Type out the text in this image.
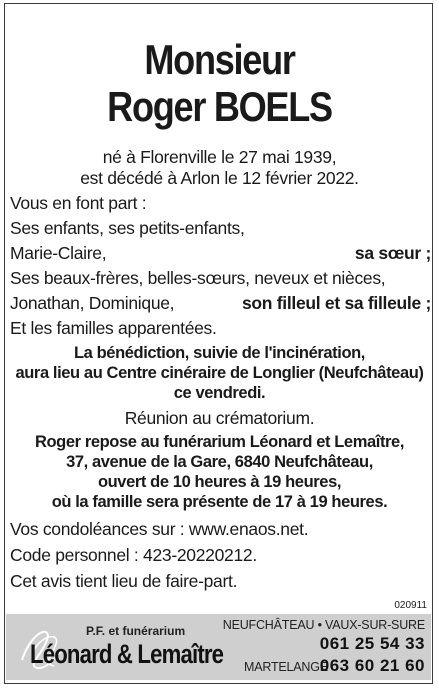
Monsieur
Roger BOELS
né à Florenville le 27 mai 1939,
est décédé à Arlon le 12 février 2022.
Vous en font part :
Ses enfants, ses petits-enfants,
Marie-Claire,	sa sœur ;
Ses beaux-frères, belles-sœurs, neveux et nièces,
Jonathan, Dominique,	son filleul et sa filleule ;
Et les familles apparentées.
La bénédiction, suivie de l'incinération,
aura lieu au Centre cinéraire de Longlier (Neufchâteau)
ce vendredi.
Réunion au crématorium.
Roger repose au funérarium Léonard et Lemaître,
37, avenue de la Gare, 6840 Neufchâteau,
ouvert de 10 heures à 19 heures,
où la famille sera présente de 17 à 19 heures.
Vos condoléances sur : www.enaos.net.
Code personnel : 423-20220212.
Cet avis tient lieu de faire-part.
020911
P.F. et funérarium
Léonard & Lemaître
NEUFCHÂTEAU • VAUX-SUR-SURE
061 25 54 33
MARTELANGE
063 60 21 60
